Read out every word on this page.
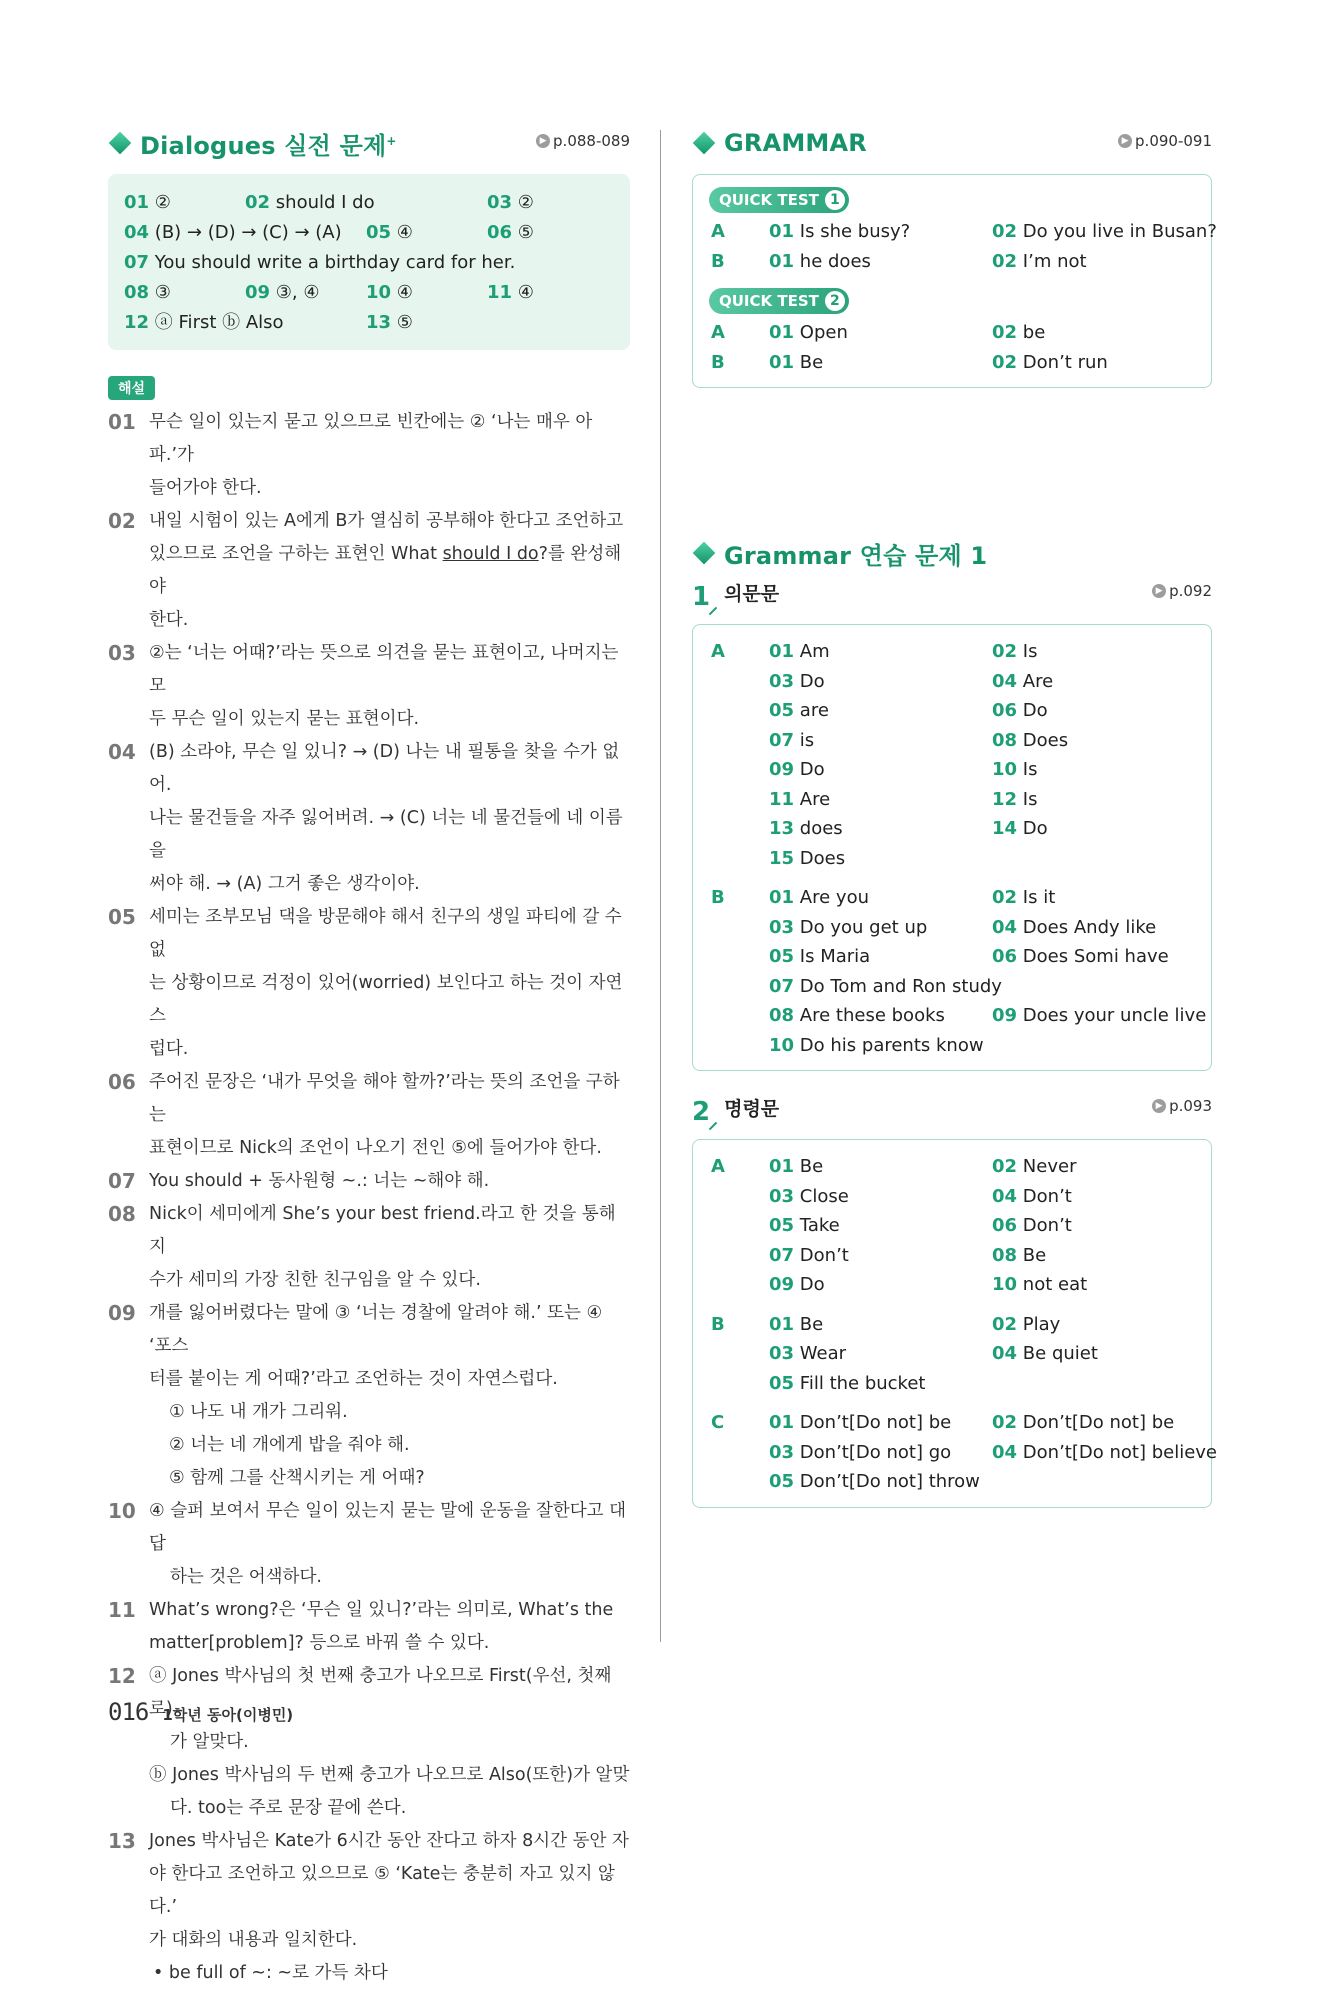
Dialogues 실전 문제+	▶ p.088-089
01 ②	02 should I do	03 ②
04 (B) → (D) → (C) → (A) 05 ④	06 ⑤
07 You should write a birthday card for her.
08 ③	09 ③, ④	10 ④	11 ④
12 ⓐ First ⓑ Also	13 ⑤
해설
01 무슨 일이 있는지 묻고 있으므로 빈칸에는 ② ‘나는 매우 아파.’가
들어가야 한다.
02 내일 시험이 있는 A에게 B가 열심히 공부해야 한다고 조언하고
있으므로 조언을 구하는 표현인 What should I do?를 완성해야
한다.
03 ②는 ‘너는 어때?’라는 뜻으로 의견을 묻는 표현이고, 나머지는 모
두 무슨 일이 있는지 묻는 표현이다.
04 (B) 소라야, 무슨 일 있니? → (D) 나는 내 필통을 찾을 수가 없어.
나는 물건들을 자주 잃어버려. → (C) 너는 네 물건들에 네 이름을
써야 해. → (A) 그거 좋은 생각이야.
05 세미는 조부모님 댁을 방문해야 해서 친구의 생일 파티에 갈 수 없
는 상황이므로 걱정이 있어(worried) 보인다고 하는 것이 자연스
럽다.
06 주어진 문장은 ‘내가 무엇을 해야 할까?’라는 뜻의 조언을 구하는
표현이므로 Nick의 조언이 나오기 전인 ⑤에 들어가야 한다.
07 You should + 동사원형 ~.: 너는 ~해야 해.
08 Nick이 세미에게 She’s your best friend.라고 한 것을 통해 지
수가 세미의 가장 친한 친구임을 알 수 있다.
09 개를 잃어버렸다는 말에 ③ ‘너는 경찰에 알려야 해.’ 또는 ④ ‘포스
터를 붙이는 게 어때?’라고 조언하는 것이 자연스럽다.
① 나도 내 개가 그리워.
② 너는 네 개에게 밥을 줘야 해.
⑤ 함께 그를 산책시키는 게 어때?
10 ④ 슬퍼 보여서 무슨 일이 있는지 묻는 말에 운동을 잘한다고 대답
하는 것은 어색하다.
11 What’s wrong?은 ‘무슨 일 있니?’라는 의미로, What’s the
matter[problem]? 등으로 바꿔 쓸 수 있다.
12 ⓐ Jones 박사님의 첫 번째 충고가 나오므로 First(우선, 첫째로)
가 알맞다.
ⓑ Jones 박사님의 두 번째 충고가 나오므로 Also(또한)가 알맞
다. too는 주로 문장 끝에 쓴다.
13 Jones 박사님은 Kate가 6시간 동안 잔다고 하자 8시간 동안 자
야 한다고 조언하고 있으므로 ⑤ ‘Kate는 충분히 자고 있지 않다.’
가 대화의 내용과 일치한다.
• be full of ~: ~로 가득 차다
GRAMMAR	▶ p.090-091
QUICK TEST 1
A 01 Is she busy?	02 Do you live in Busan?
B 01 he does	02 I’m not
QUICK TEST 2
A 01 Open	02 be
B 01 Be	02 Don’t run
Grammar 연습 문제 1
1 의문문	▶ p.092
A 01 Am	02 Is
03 Do	04 Are
05 are	06 Do
07 is	08 Does
09 Do	10 Is
11 Are	12 Is
13 does	14 Do
15 Does
B 01 Are you	02 Is it
03 Do you get up	04 Does Andy like
05 Is Maria	06 Does Somi have
07 Do Tom and Ron study
08 Are these books	09 Does your uncle live
10 Do his parents know
2 명령문	▶ p.093
A 01 Be	02 Never
03 Close	04 Don’t
05 Take	06 Don’t
07 Don’t	08 Be
09 Do	10 not eat
B 01 Be	02 Play
03 Wear	04 Be quiet
05 Fill the bucket
C 01 Don’t[Do not] be 02 Don’t[Do not] be
03 Don’t[Do not] go 04 Don’t[Do not] believe
05 Don’t[Do not] throw
016 1학년 동아(이병민)
